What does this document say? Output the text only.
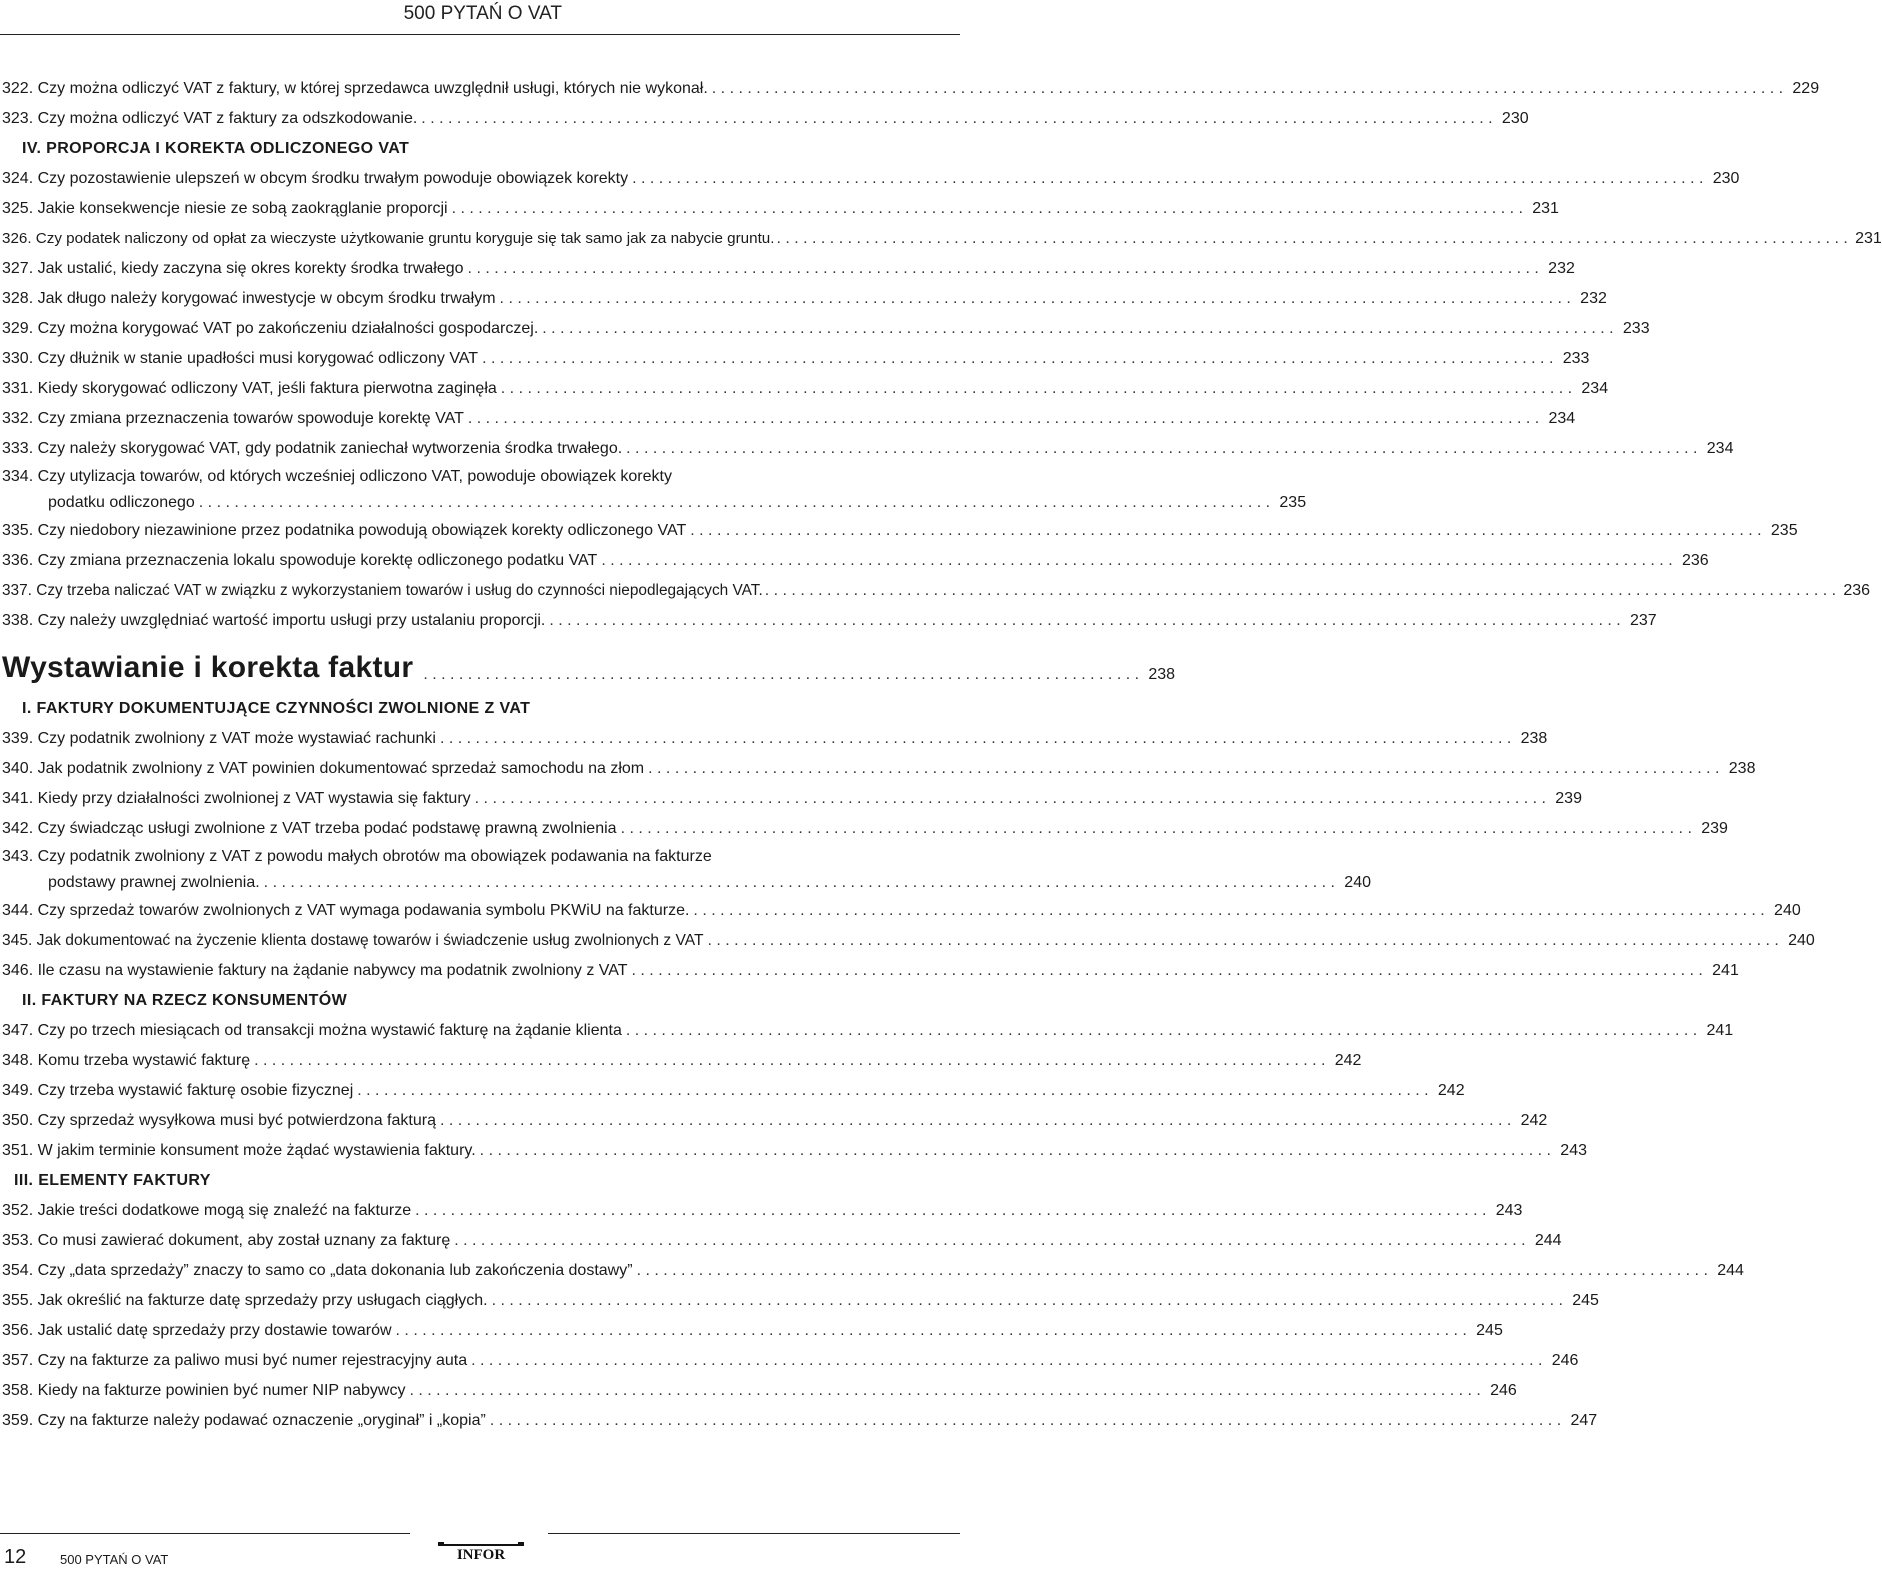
500 PYTAŃ O VAT
322. Czy można odliczyć VAT z faktury, w której sprzedawca uwzględnił usługi, których nie wykonał. . . .	229
323. Czy można odliczyć VAT z faktury za odszkodowanie. . . .	230
IV. PROPORCJA I KOREKTA ODLICZONEGO VAT
324. Czy pozostawienie ulepszeń w obcym środku trwałym powoduje obowiązek korekty . . .	230
325. Jakie konsekwencje niesie ze sobą zaokrąglanie proporcji . . .	231
326. Czy podatek naliczony od opłat za wieczyste użytkowanie gruntu koryguje się tak samo jak za nabycie gruntu. . . .	231
327. Jak ustalić, kiedy zaczyna się okres korekty środka trwałego . . .	232
328. Jak długo należy korygować inwestycje w obcym środku trwałym . . .	232
329. Czy można korygować VAT po zakończeniu działalności gospodarczej. . . .	233
330. Czy dłużnik w stanie upadłości musi korygować odliczony VAT . . .	233
331. Kiedy skorygować odliczony VAT, jeśli faktura pierwotna zaginęła . . .	234
332. Czy zmiana przeznaczenia towarów spowoduje korektę VAT . . .	234
333. Czy należy skorygować VAT, gdy podatnik zaniechał wytworzenia środka trwałego. . . .	234
334. Czy utylizacja towarów, od których wcześniej odliczono VAT, powoduje obowiązek korekty
podatku odliczonego . . .	235
335. Czy niedobory niezawinione przez podatnika powodują obowiązek korekty odliczonego VAT . . .	235
336. Czy zmiana przeznaczenia lokalu spowoduje korektę odliczonego podatku VAT . . .	236
337. Czy trzeba naliczać VAT w związku z wykorzystaniem towarów i usług do czynności niepodlegających VAT. . . .	236
338. Czy należy uwzględniać wartość importu usługi przy ustalaniu proporcji. . . .	237
Wystawianie i korekta faktur . . .	238
I. FAKTURY DOKUMENTUJĄCE CZYNNOŚCI ZWOLNIONE Z VAT
339. Czy podatnik zwolniony z VAT może wystawiać rachunki . . .	238
340. Jak podatnik zwolniony z VAT powinien dokumentować sprzedaż samochodu na złom . . .	238
341. Kiedy przy działalności zwolnionej z VAT wystawia się faktury . . .	239
342. Czy świadcząc usługi zwolnione z VAT trzeba podać podstawę prawną zwolnienia . . .	239
343. Czy podatnik zwolniony z VAT z powodu małych obrotów ma obowiązek podawania na fakturze
podstawy prawnej zwolnienia. . . .	240
344. Czy sprzedaż towarów zwolnionych z VAT wymaga podawania symbolu PKWiU na fakturze. . . .	240
345. Jak dokumentować na życzenie klienta dostawę towarów i świadczenie usług zwolnionych z VAT . . .	240
346. Ile czasu na wystawienie faktury na żądanie nabywcy ma podatnik zwolniony z VAT . . .	241
II. FAKTURY NA RZECZ KONSUMENTÓW
347. Czy po trzech miesiącach od transakcji można wystawić fakturę na żądanie klienta . . .	241
348. Komu trzeba wystawić fakturę . . .	242
349. Czy trzeba wystawić fakturę osobie fizycznej . . .	242
350. Czy sprzedaż wysyłkowa musi być potwierdzona fakturą . . .	242
351. W jakim terminie konsument może żądać wystawienia faktury. . . .	243
III. ELEMENTY FAKTURY
352. Jakie treści dodatkowe mogą się znaleźć na fakturze . . .	243
353. Co musi zawierać dokument, aby został uznany za fakturę . . .	244
354. Czy „data sprzedaży” znaczy to samo co „data dokonania lub zakończenia dostawy” . . .	244
355. Jak określić na fakturze datę sprzedaży przy usługach ciągłych. . . .	245
356. Jak ustalić datę sprzedaży przy dostawie towarów . . .	245
357. Czy na fakturze za paliwo musi być numer rejestracyjny auta . . .	246
358. Kiedy na fakturze powinien być numer NIP nabywcy . . .	246
359. Czy na fakturze należy podawać oznaczenie „oryginał” i „kopia” . . .	247
12	500 PYTAŃ O VAT	INFOR
